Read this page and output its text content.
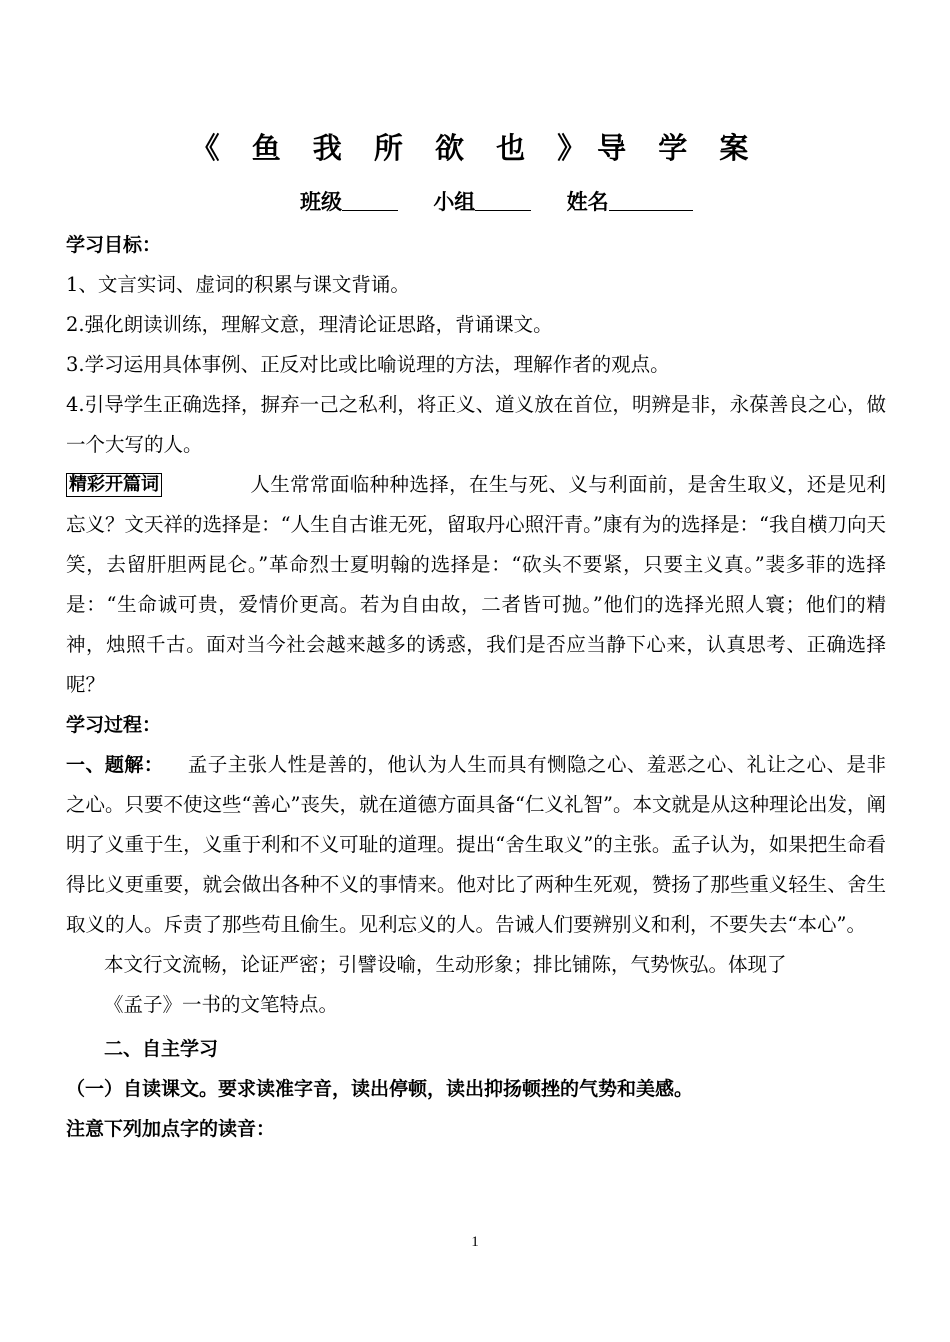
《 鱼 我 所 欲 也 》导 学 案
班级	小组	姓名
学习目标：

1、文言实词、虚词的积累与课文背诵。

2.强化朗读训练，理解文意，理清论证思路，背诵课文。

3.学习运用具体事例、正反对比或比喻说理的方法，理解作者的观点。

4.引导学生正确选择，摒弃一己之私利，将正义、道义放在首位，明辨是非，永葆善良之心，做一个大写的人。

精彩开篇词	人生常常面临种种选择，在生与死、义与利面前，是舍生取义，还是见利忘义？文天祥的选择是：“人生自古谁无死，留取丹心照汗青。”康有为的选择是：“我自横刀向天笑，去留肝胆两昆仑。”革命烈士夏明翰的选择是：“砍头不要紧，只要主义真。”裴多菲的选择是：“生命诚可贵，爱情价更高。若为自由故，二者皆可抛。”他们的选择光照人寰；他们的精神，烛照千古。面对当今社会越来越多的诱惑，我们是否应当静下心来，认真思考、正确选择呢？

学习过程：

一、题解： 孟子主张人性是善的，他认为人生而具有恻隐之心、羞恶之心、礼让之心、是非之心。只要不使这些“善心”丧失，就在道德方面具备“仁义礼智”。本文就是从这种理论出发，阐明了义重于生，义重于利和不义可耻的道理。提出“舍生取义”的主张。孟子认为，如果把生命看得比义更重要，就会做出各种不义的事情来。他对比了两种生死观，赞扬了那些重义轻生、舍生取义的人。斥责了那些苟且偷生。见利忘义的人。告诫人们要辨别义和利，不要失去“本心”。

本文行文流畅，论证严密；引譬设喻，生动形象；排比铺陈，气势恢弘。体现了

《孟子》一书的文笔特点。

二、自主学习
（一）自读课文。要求读准字音，读出停顿，读出抑扬顿挫的气势和美感。
注意下列加点字的读音：
1
